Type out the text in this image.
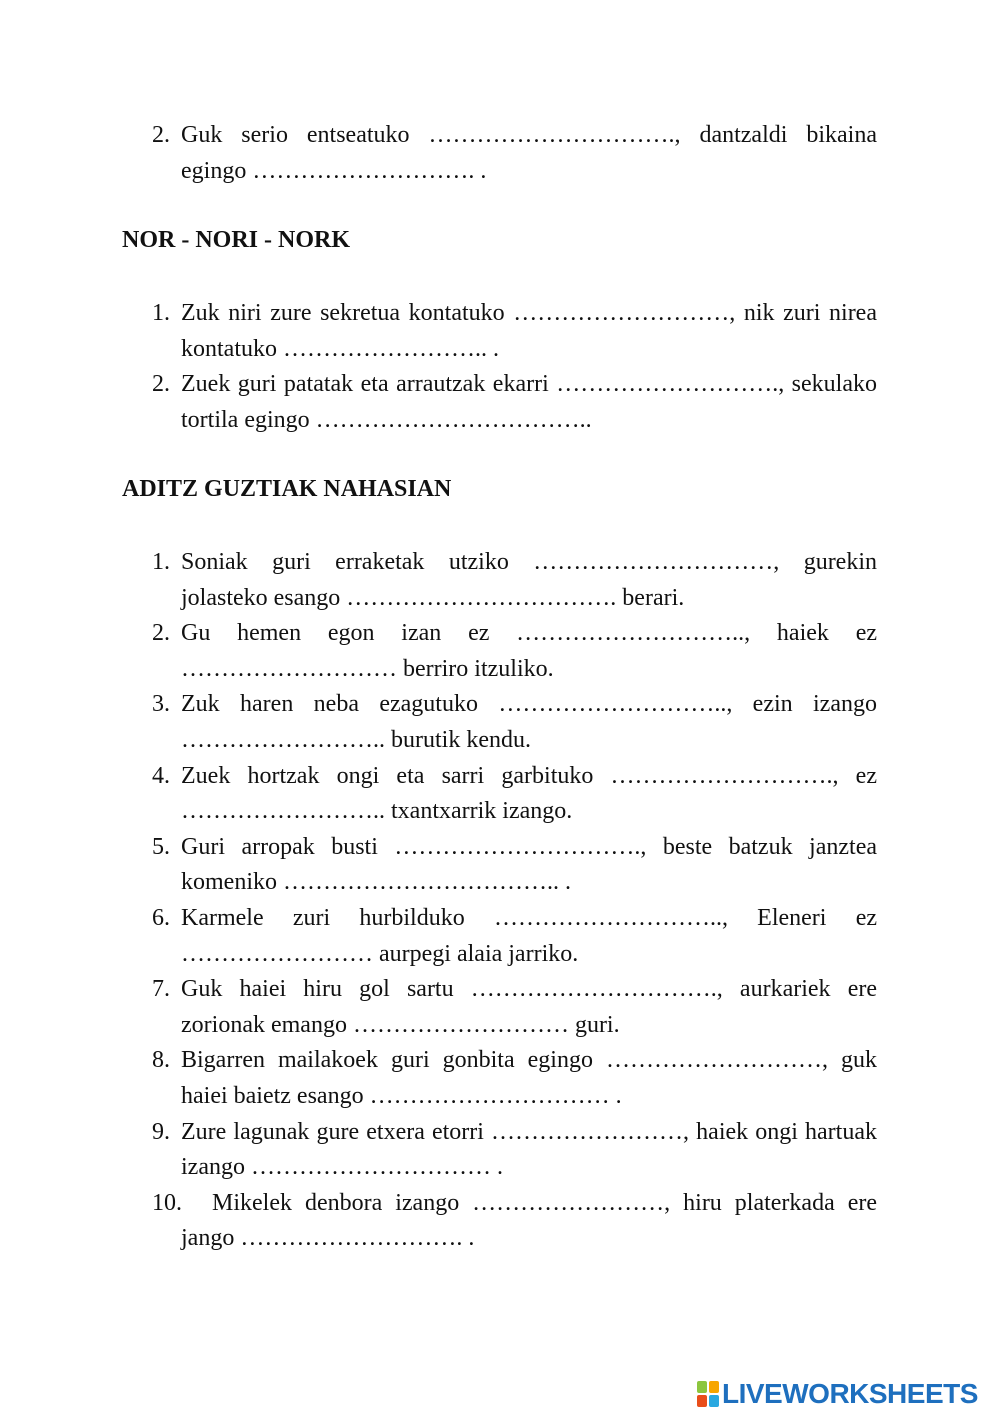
2. Guk serio entseatuko …………………………., dantzaldi bikaina egingo ………………………. .
NOR - NORI - NORK
1. Zuk niri zure sekretua kontatuko ………………………, nik zuri nirea kontatuko …………………….. .
2. Zuek guri patatak eta arrautzak ekarri ………………………., sekulako tortila egingo ……………………………..
ADITZ GUZTIAK NAHASIAN
1. Soniak guri erraketak utziko …………………………, gurekin jolasteko esango ……………………………. berari.
2. Gu hemen egon izan ez ……………………….., haiek ez ……………………… berriro itzuliko.
3. Zuk haren neba ezagutuko ……………………….., ezin izango …………………….. burutik kendu.
4. Zuek hortzak ongi eta sarri garbituko ………………………., ez …………………….. txantxarrik izango.
5. Guri arropak busti …………………………., beste batzuk janztea komeniko …………………………….. .
6. Karmele zuri hurbilduko ……………………….., Eleneri ez …………………… aurpegi alaia jarriko.
7. Guk haiei hiru gol sartu …………………………., aurkariek ere zorionak emango ……………………… guri.
8. Bigarren mailakoek guri gonbita egingo ………………………, guk haiei baietz esango ………………………… .
9. Zure lagunak gure etxera etorri ……………………, haiek ongi hartuak izango ………………………… .
10.	Mikelek denbora izango ……………………, hiru platerkada ere jango ………………………. .
LIVEWORKSHEETS
